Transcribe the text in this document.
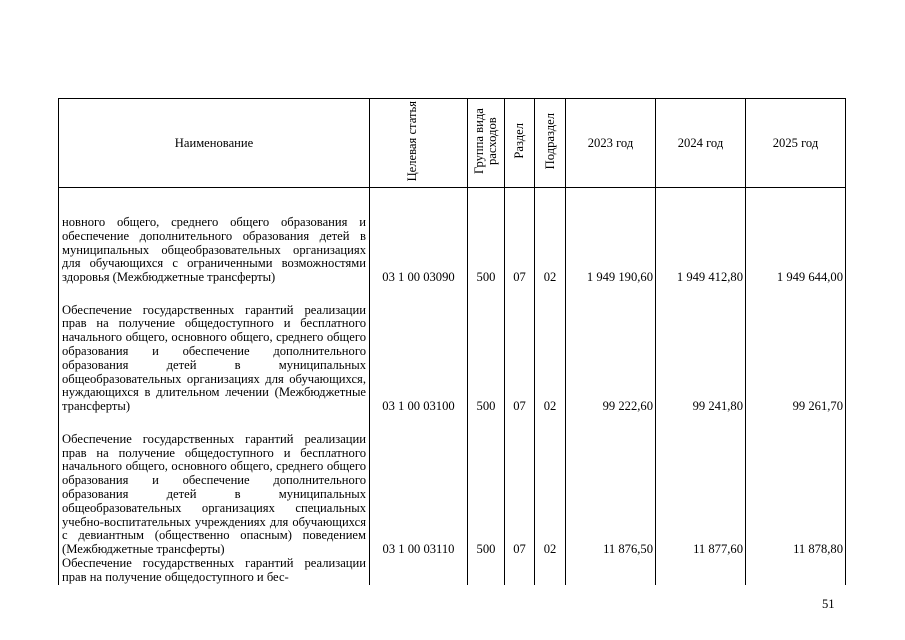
Наименование	Целевая статья	Группа вида расходов	Раздел	Подраздел	2023 год	2024 год	2025 год
новного общего, среднего общего образования и обеспечение дополнительного образования детей в муниципальных общеобразовательных организациях для обучающихся с ограниченными возможностями здоровья (Межбюджетные трансферты)	03 1 00 03090	500	07	02	1 949 190,60	1 949 412,80	1 949 644,00
Обеспечение государственных гарантий реализации прав на получение общедоступного и бесплатного начального общего, основного общего, среднего общего образования и обеспечение дополнительного образования детей в муниципальных общеобразовательных организациях для обучающихся, нуждающихся в длительном лечении (Межбюджетные трансферты)	03 1 00 03100	500	07	02	99 222,60	99 241,80	99 261,70
Обеспечение государственных гарантий реализации прав на получение общедоступного и бесплатного начального общего, основного общего, среднего общего образования и обеспечение дополнительного образования детей в муниципальных общеобразовательных организациях специальных учебно-воспитательных учреждениях для обучающихся с девиантным (общественно опасным) поведением (Межбюджетные трансферты)	03 1 00 03110	500	07	02	11 876,50	11 877,60	11 878,80
Обеспечение государственных гарантий реализации прав на получение общедоступного и бес-							
51
